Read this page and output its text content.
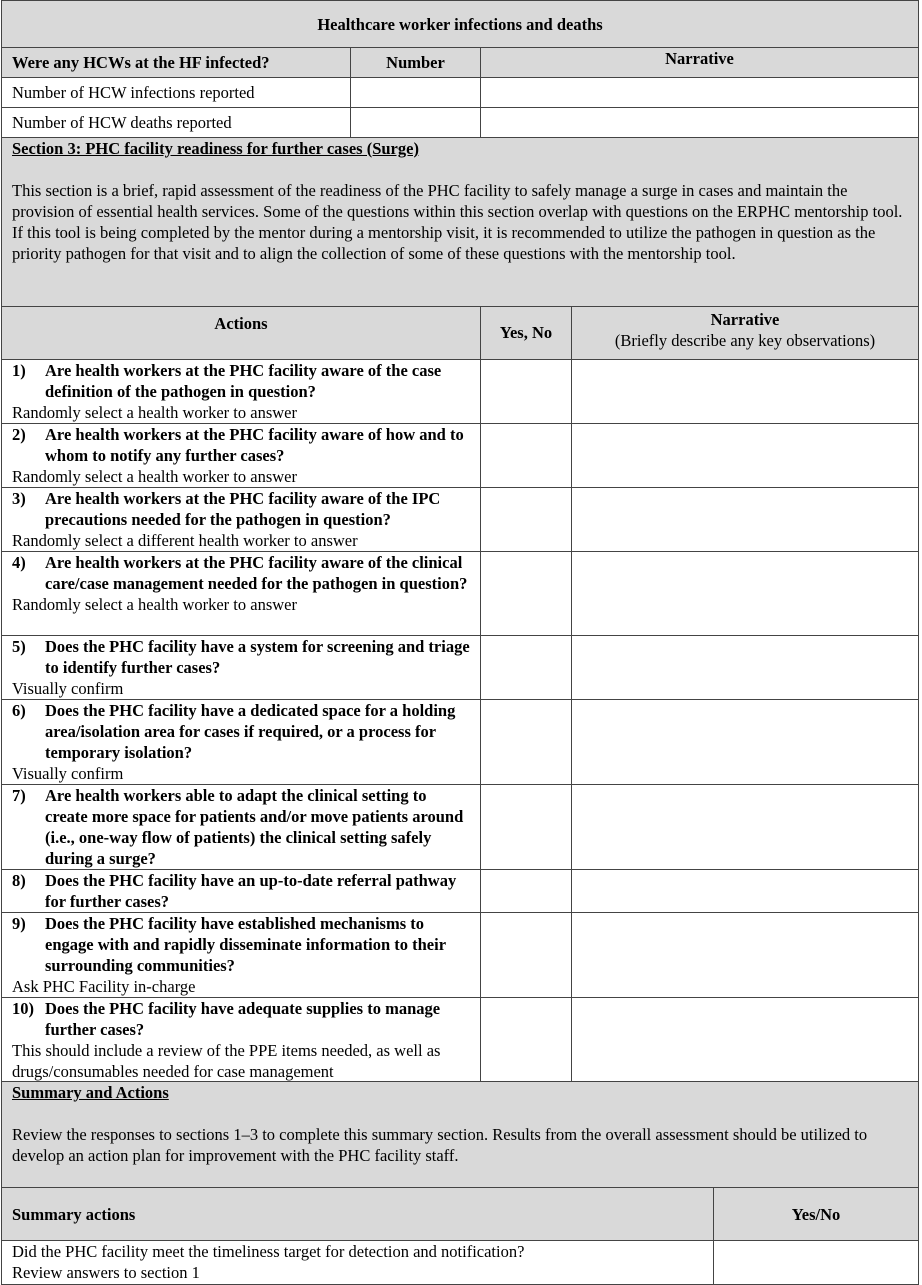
Healthcare worker infections and deaths		
Were any HCWs at the HF infected?	Number	Narrative
Number of HCW infections reported		
Number of HCW deaths reported		
Section 3: PHC facility readiness for further cases (Surge)
This section is a brief, rapid assessment of the readiness of the PHC facility to safely manage a surge in cases and maintain the provision of essential health services. Some of the questions within this section overlap with questions on the ERPHC mentorship tool. If this tool is being completed by the mentor during a mentorship visit, it is recommended to utilize the pathogen in question as the priority pathogen for that visit and to align the collection of some of these questions with the mentorship tool.		

Actions	Yes, No	Narrative
(Briefly describe any key observations)

1) Are health workers at the PHC facility aware of the case definition of the pathogen in question?
Randomly select a health worker to answer		

2) Are health workers at the PHC facility aware of how and to whom to notify any further cases?
Randomly select a health worker to answer		

3) Are health workers at the PHC facility aware of the IPC precautions needed for the pathogen in question?
Randomly select a different health worker to answer		

4) Are health workers at the PHC facility aware of the clinical care/case management needed for the pathogen in question?
Randomly select a health worker to answer		

5) Does the PHC facility have a system for screening and triage to identify further cases?
Visually confirm		

6) Does the PHC facility have a dedicated space for a holding area/isolation area for cases if required, or a process for temporary isolation?
Visually confirm		

7) Are health workers able to adapt the clinical setting to create more space for patients and/or move patients around (i.e., one-way flow of patients) the clinical setting safely during a surge?		

8) Does the PHC facility have an up-to-date referral pathway for further cases?		

9) Does the PHC facility have established mechanisms to engage with and rapidly disseminate information to their surrounding communities?
Ask PHC Facility in-charge		

10) Does the PHC facility have adequate supplies to manage further cases?
This should include a review of the PPE items needed, as well as drugs/consumables needed for case management		

Summary and Actions
Review the responses to sections 1–3 to complete this summary section. Results from the overall assessment should be utilized to develop an action plan for improvement with the PHC facility staff.	

Summary actions	Yes/No

Did the PHC facility meet the timeliness target for detection and notification?
Review answers to section 1	
